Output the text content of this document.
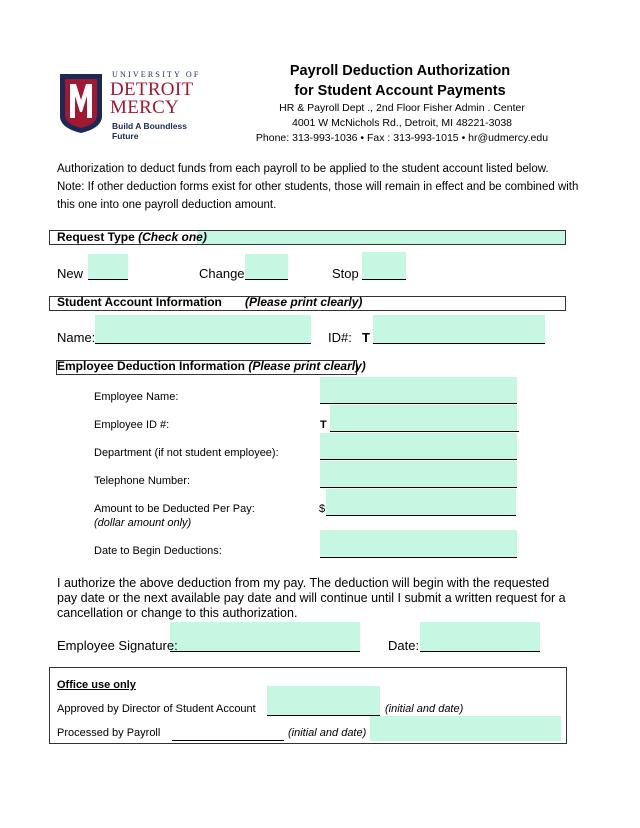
UNIVERSITY OF
DETROIT
MERCY
Build A Boundless Future
Payroll Deduction Authorization
for Student Account Payments
HR & Payroll Dept ., 2nd Floor Fisher Admin . Center
4001 W McNichols Rd., Detroit, MI 48221-3038
Phone: 313-993-1036 • Fax : 313-993-1015 • hr@udmercy.edu
Authorization to deduct funds from each payroll to be applied to the student account listed below.
Note: If other deduction forms exist for other students, those will remain in effect and be combined with
this one into one payroll deduction amount.
Request Type (Check one)
New	Change	Stop
Student Account Information (Please print clearly)
Name:	ID#: T
Employee Deduction Information (Please print clearly)
Employee Name:
Employee ID #:	T
Department (if not student employee):
Telephone Number:
Amount to be Deducted Per Pay:
(dollar amount only)
$
Date to Begin Deductions:
I authorize the above deduction from my pay. The deduction will begin with the requested
pay date or the next available pay date and will continue until I submit a written request for a
cancellation or change to this authorization.
Employee Signature:	Date:
Office use only
Approved by Director of Student Account	(initial and date)
Processed by Payroll	(initial and date)
